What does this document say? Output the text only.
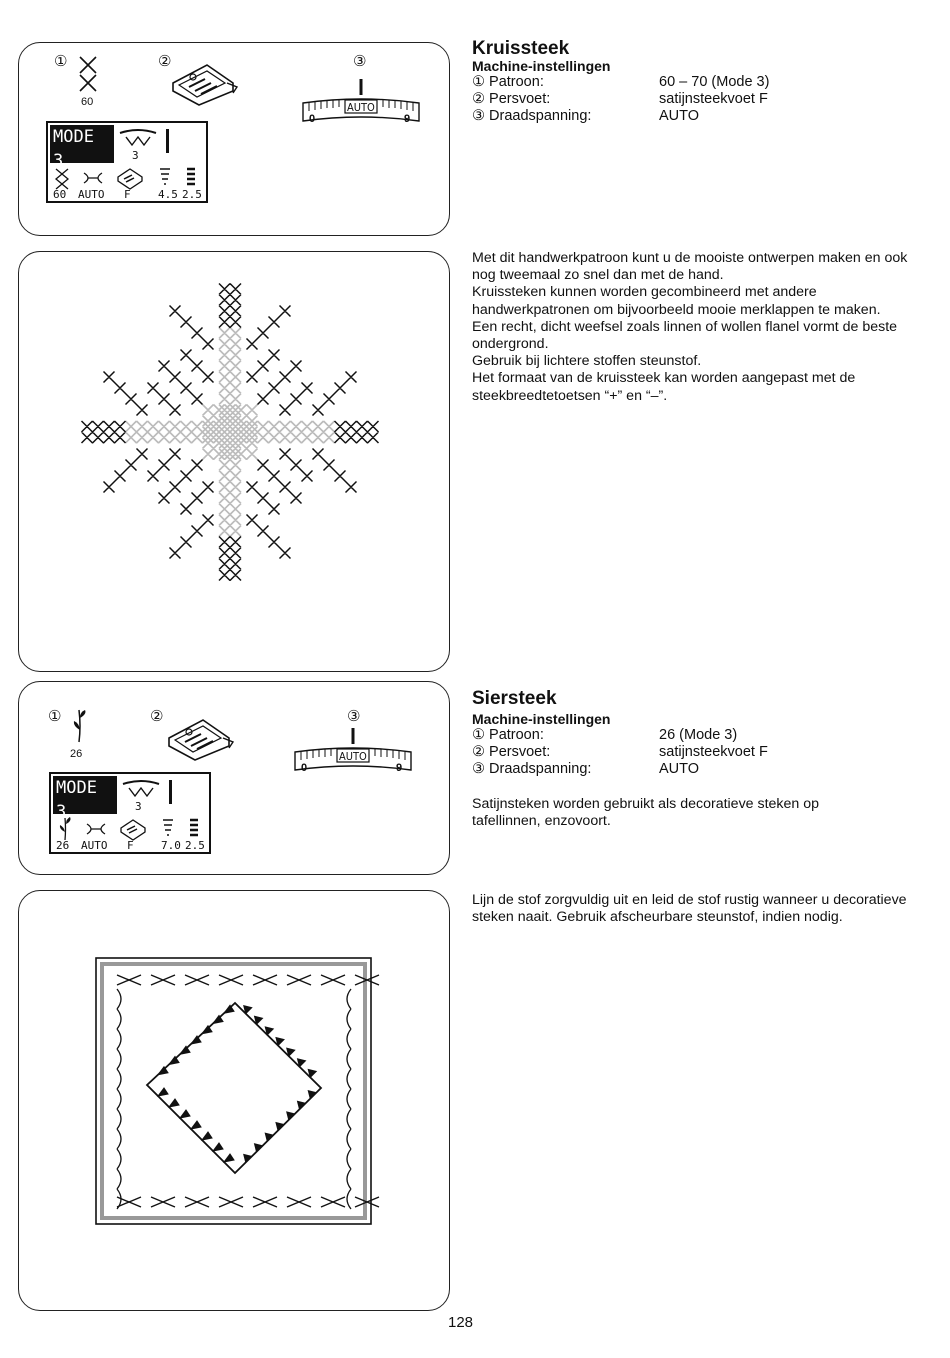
①
60
②	③
AUTO
0	9
MODE 3	3
60 AUTO F 4.5 2.5
Kruissteek
Machine-instellingen
① Patroon:	60 – 70 (Mode 3)
② Persvoet:	satijnsteekvoet F
③ Draadspanning:	AUTO

Met dit handwerkpatroon kunt u de mooiste ontwerpen maken en ook nog tweemaal zo snel dan met de hand.

Kruissteken kunnen worden gecombineerd met andere handwerkpatronen om bijvoorbeeld mooie merklappen te maken.

Een recht, dicht weefsel zoals linnen of wollen flanel vormt de beste ondergrond.

Gebruik bij lichtere stoffen steunstof.

Het formaat van de kruissteek kan worden aangepast met de steekbreedtetoetsen “+” en “–”.

①
26
②	③
AUTO
0	9
MODE 3	3
26 AUTO F 7.0 2.5
Siersteek
Machine-instellingen
① Patroon:	26 (Mode 3)
② Persvoet:	satijnsteekvoet F
③ Draadspanning:	AUTO
Satijnsteken worden gebruikt als decoratieve steken op tafellinnen, enzovoort.
Lijn de stof zorgvuldig uit en leid de stof rustig wanneer u decoratieve steken naait. Gebruik afscheurbare steunstof, indien nodig.
128
